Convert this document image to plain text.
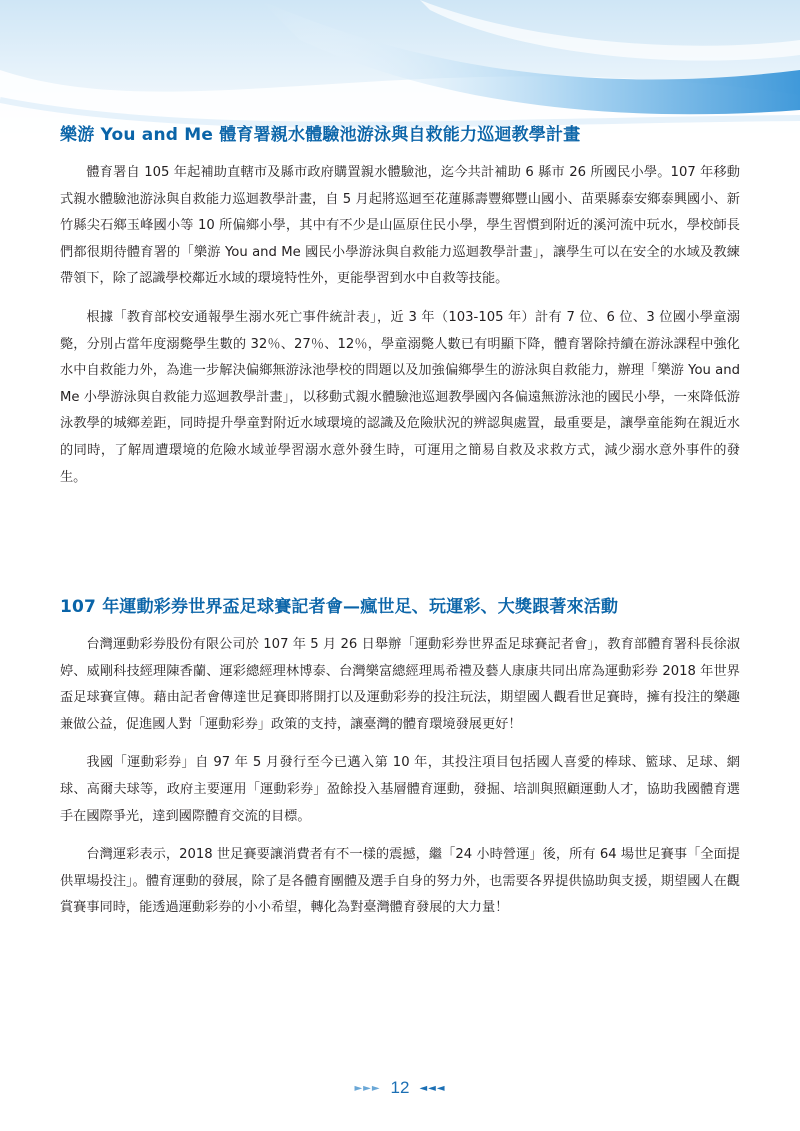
樂游 You and Me 體育署親水體驗池游泳與自救能力巡迴教學計畫

體育署自 105 年起補助直轄市及縣市政府購置親水體驗池，迄今共計補助 6 縣市 26 所國民小學。107 年移動式親水體驗池游泳與自救能力巡迴教學計畫，自 5 月起將巡迴至花蓮縣壽豐鄉豐山國小、苗栗縣泰安鄉泰興國小、新竹縣尖石鄉玉峰國小等 10 所偏鄉小學，其中有不少是山區原住民小學，學生習慣到附近的溪河流中玩水，學校師長們都很期待體育署的「樂游 You and Me 國民小學游泳與自救能力巡迴教學計畫」，讓學生可以在安全的水域及教練帶領下，除了認識學校鄰近水域的環境特性外，更能學習到水中自救等技能。

根據「教育部校安通報學生溺水死亡事件統計表」，近 3 年（103-105 年）計有 7 位、6 位、3 位國小學童溺斃，分別占當年度溺斃學生數的 32％、27％、12％，學童溺斃人數已有明顯下降，體育署除持續在游泳課程中強化水中自救能力外，為進一步解決偏鄉無游泳池學校的問題以及加強偏鄉學生的游泳與自救能力，辦理「樂游 You and Me 小學游泳與自救能力巡迴教學計畫」，以移動式親水體驗池巡迴教學國內各偏遠無游泳池的國民小學，一來降低游泳教學的城鄉差距，同時提升學童對附近水域環境的認識及危險狀況的辨認與處置，最重要是，讓學童能夠在親近水的同時，了解周遭環境的危險水域並學習溺水意外發生時，可運用之簡易自救及求救方式，減少溺水意外事件的發生。

107 年運動彩券世界盃足球賽記者會—瘋世足、玩運彩、大獎跟著來活動

台灣運動彩券股份有限公司於 107 年 5 月 26 日舉辦「運動彩券世界盃足球賽記者會」，教育部體育署科長徐淑婷、威剛科技經理陳香蘭、運彩總經理林博泰、台灣樂富總經理馬希禮及藝人康康共同出席為運動彩券 2018 年世界盃足球賽宣傳。藉由記者會傳達世足賽即將開打以及運動彩券的投注玩法，期望國人觀看世足賽時，擁有投注的樂趣兼做公益，促進國人對「運動彩券」政策的支持，讓臺灣的體育環境發展更好！

我國「運動彩券」自 97 年 5 月發行至今已邁入第 10 年，其投注項目包括國人喜愛的棒球、籃球、足球、網球、高爾夫球等，政府主要運用「運動彩券」盈餘投入基層體育運動，發掘、培訓與照顧運動人才，協助我國體育選手在國際爭光，達到國際體育交流的目標。

台灣運彩表示，2018 世足賽要讓消費者有不一樣的震撼，繼「24 小時營運」後，所有 64 場世足賽事「全面提供單場投注」。體育運動的發展，除了是各體育團體及選手自身的努力外，也需要各界提供協助與支援，期望國人在觀賞賽事同時，能透過運動彩券的小小希望，轉化為對臺灣體育發展的大力量！

►►► 12 ◄◄◄
